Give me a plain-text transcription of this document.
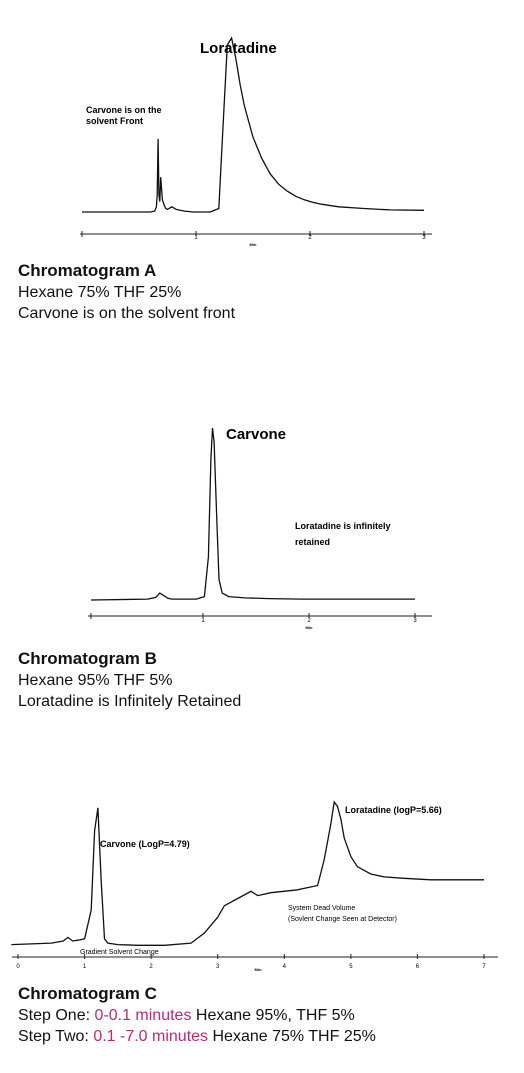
1	2	3
Min
Loratadine
Carvone is on the
solvent Front
Chromatogram A
Hexane 75% THF 25%
Carvone is on the solvent front
1	2	3
Min
Carvone
Loratadine is infinitely
retained
Chromatogram B
Hexane 95% THF 5%
Loratadine is Infinitely Retained
0	1	2	3	4	5	6	7
Min
Carvone (LogP=4.79)
Loratadine (logP=5.66)
Gradient Solvent Change
System Dead Volume
(Sovlent Change Seen at Detector)
Chromatogram C
Step One: 0-0.1 minutes Hexane 95%, THF 5%
Step Two: 0.1 -7.0 minutes Hexane 75% THF 25%
